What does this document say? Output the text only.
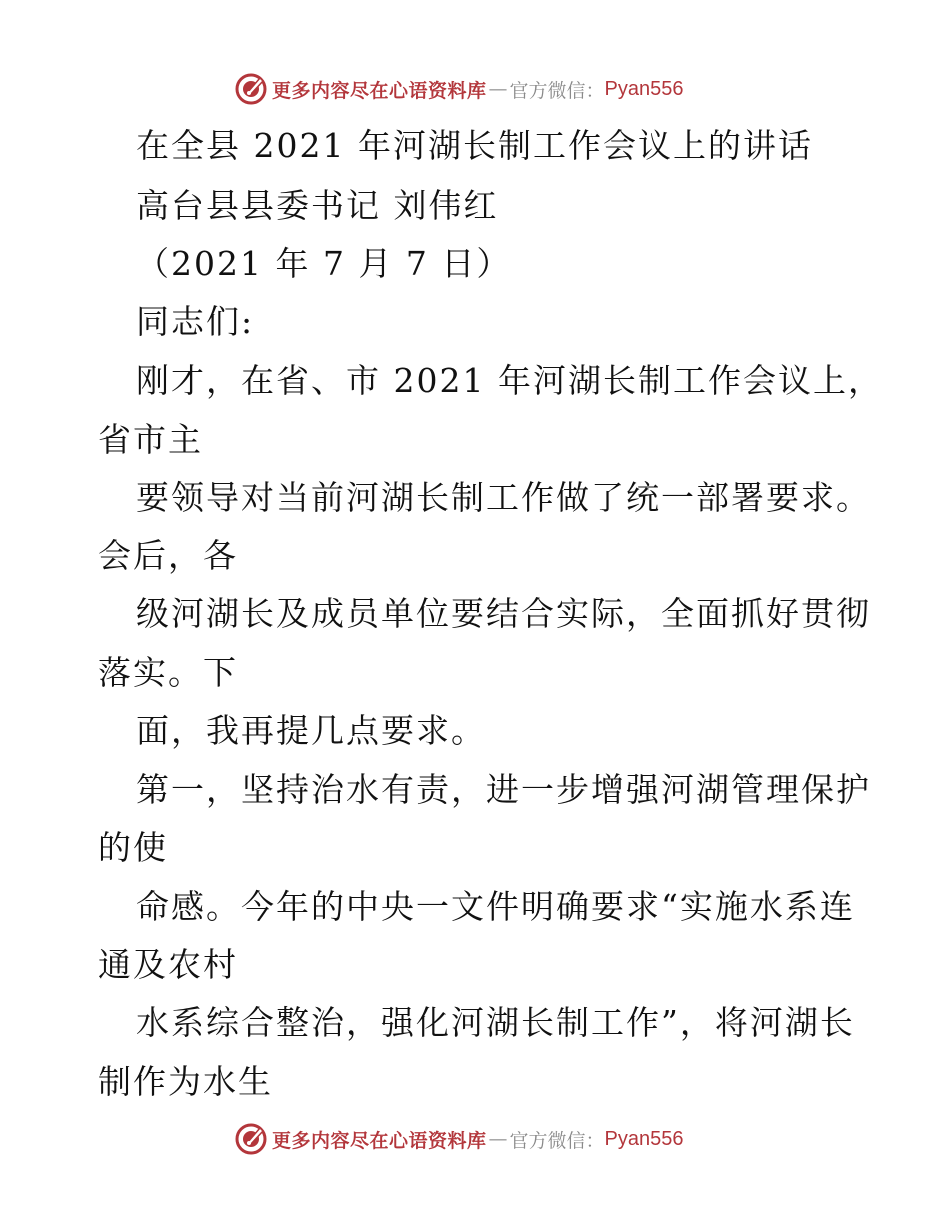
更多内容尽在心语资料库 — 官方微信： Pyan556
在全县 2021 年河湖长制工作会议上的讲话
高台县县委书记 刘伟红
（2021 年 7 月 7 日）
同志们:
刚才，在省、市 2021 年河湖长制工作会议上，
省市主
要领导对当前河湖长制工作做了统一部署要求。
会后，各
级河湖长及成员单位要结合实际，全面抓好贯彻
落实。下
面，我再提几点要求。
第一，坚持治水有责，进一步增强河湖管理保护
的使
命感。今年的中央一文件明确要求“实施水系连
通及农村
水系综合整治，强化河湖长制工作”，将河湖长
制作为水生
更多内容尽在心语资料库 — 官方微信： Pyan556
